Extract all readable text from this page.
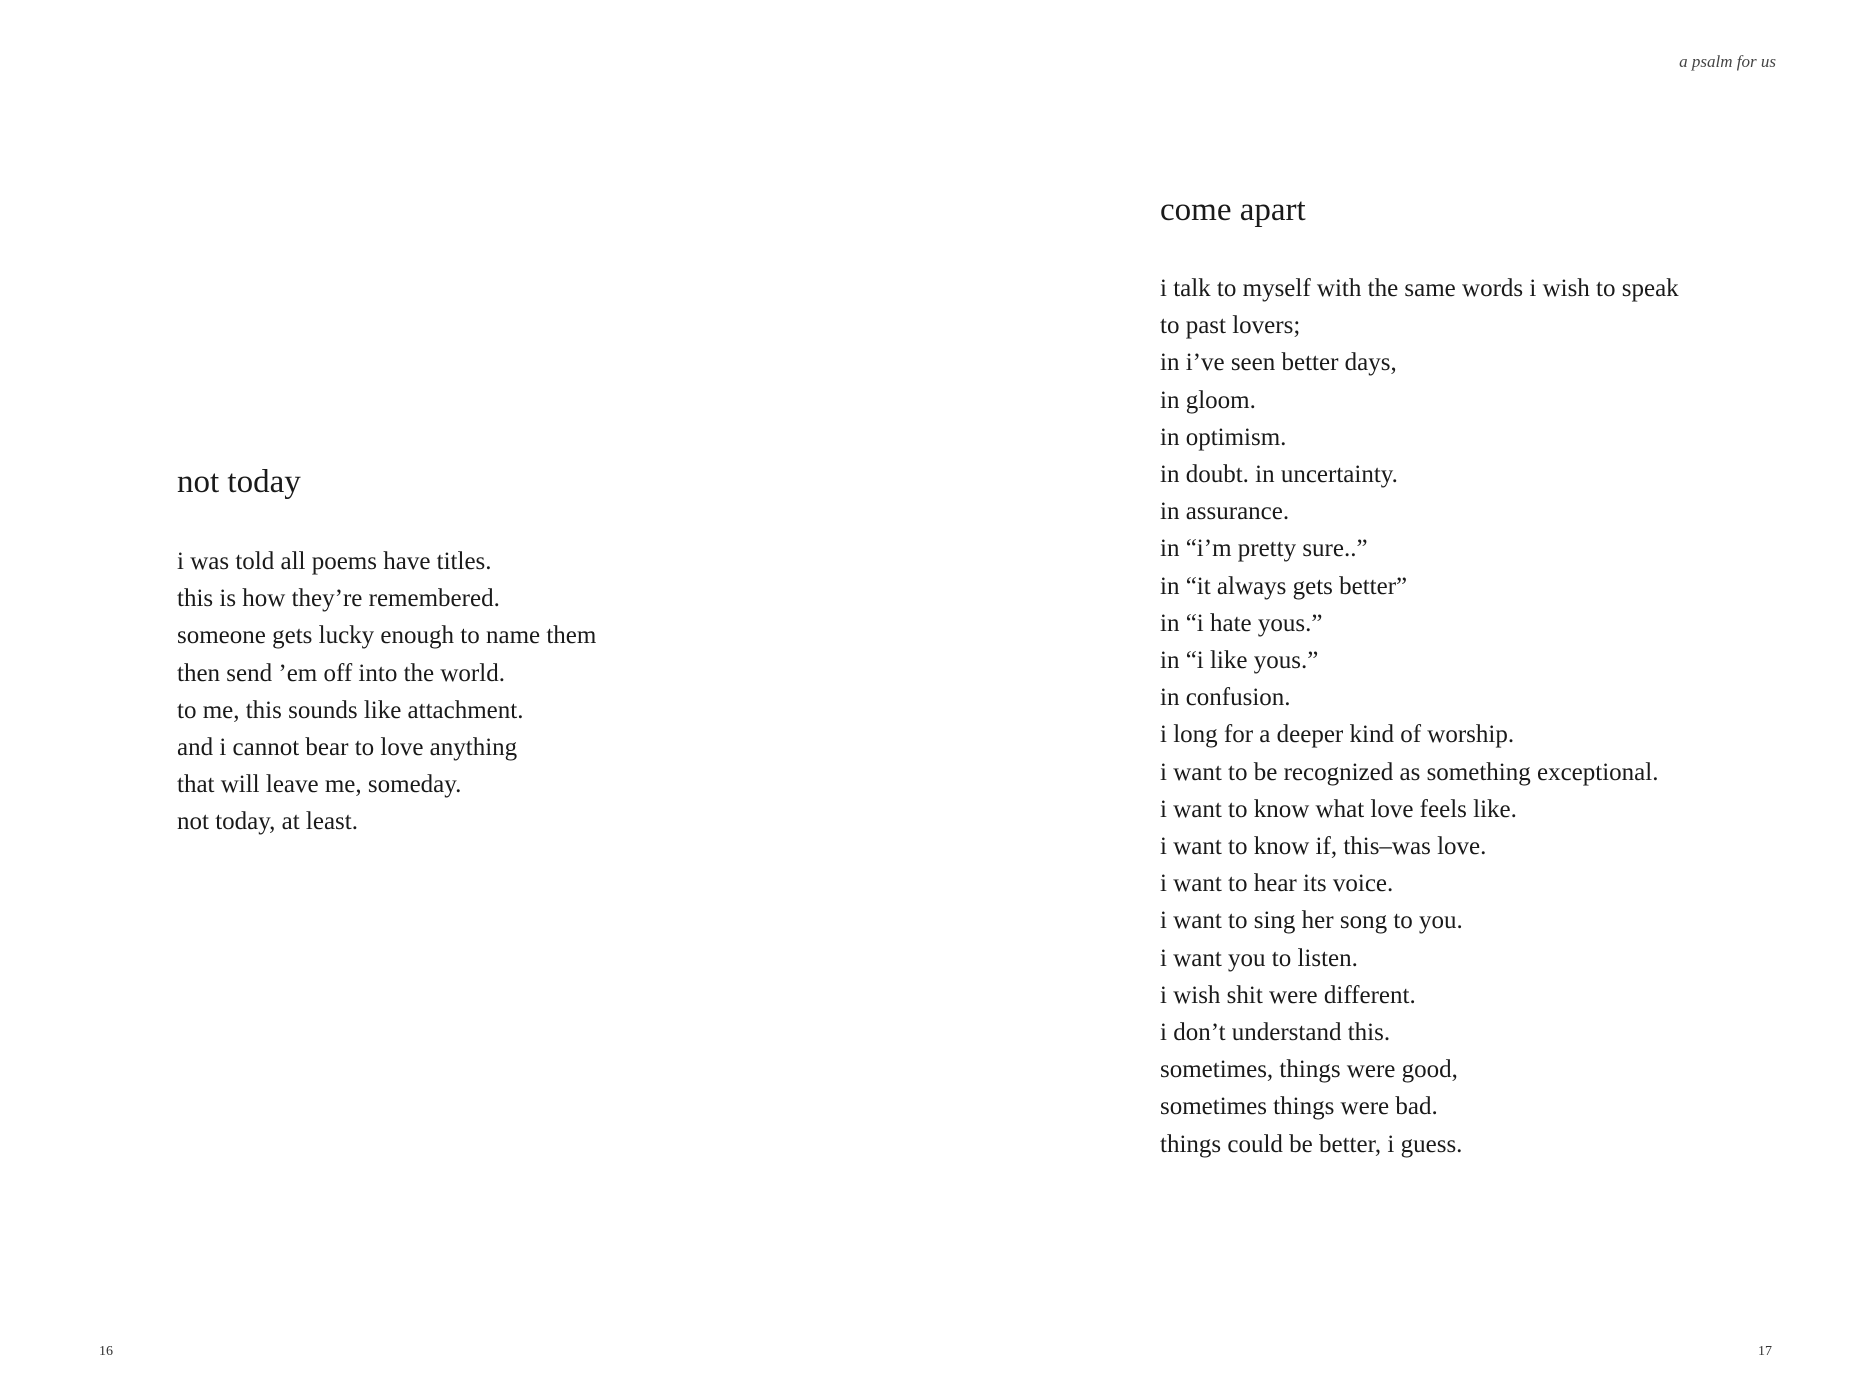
not today
i was told all poems have titles.
this is how they’re remembered.
someone gets lucky enough to name them
then send ’em off into the world.
to me, this sounds like attachment.
and i cannot bear to love anything
that will leave me, someday.
not today, at least.

16

a psalm for us

come apart
i talk to myself with the same words i wish to speak
to past lovers;
in i’ve seen better days,
in gloom.
in optimism.
in doubt. in uncertainty.
in assurance.
in “i’m pretty sure..”
in “it always gets better”
in “i hate yous.”
in “i like yous.”
in confusion.
i long for a deeper kind of worship.
i want to be recognized as something exceptional.
i want to know what love feels like.
i want to know if, this–was love.
i want to hear its voice.
i want to sing her song to you.
i want you to listen.
i wish shit were different.
i don’t understand this.
sometimes, things were good,
sometimes things were bad.
things could be better, i guess.

17
